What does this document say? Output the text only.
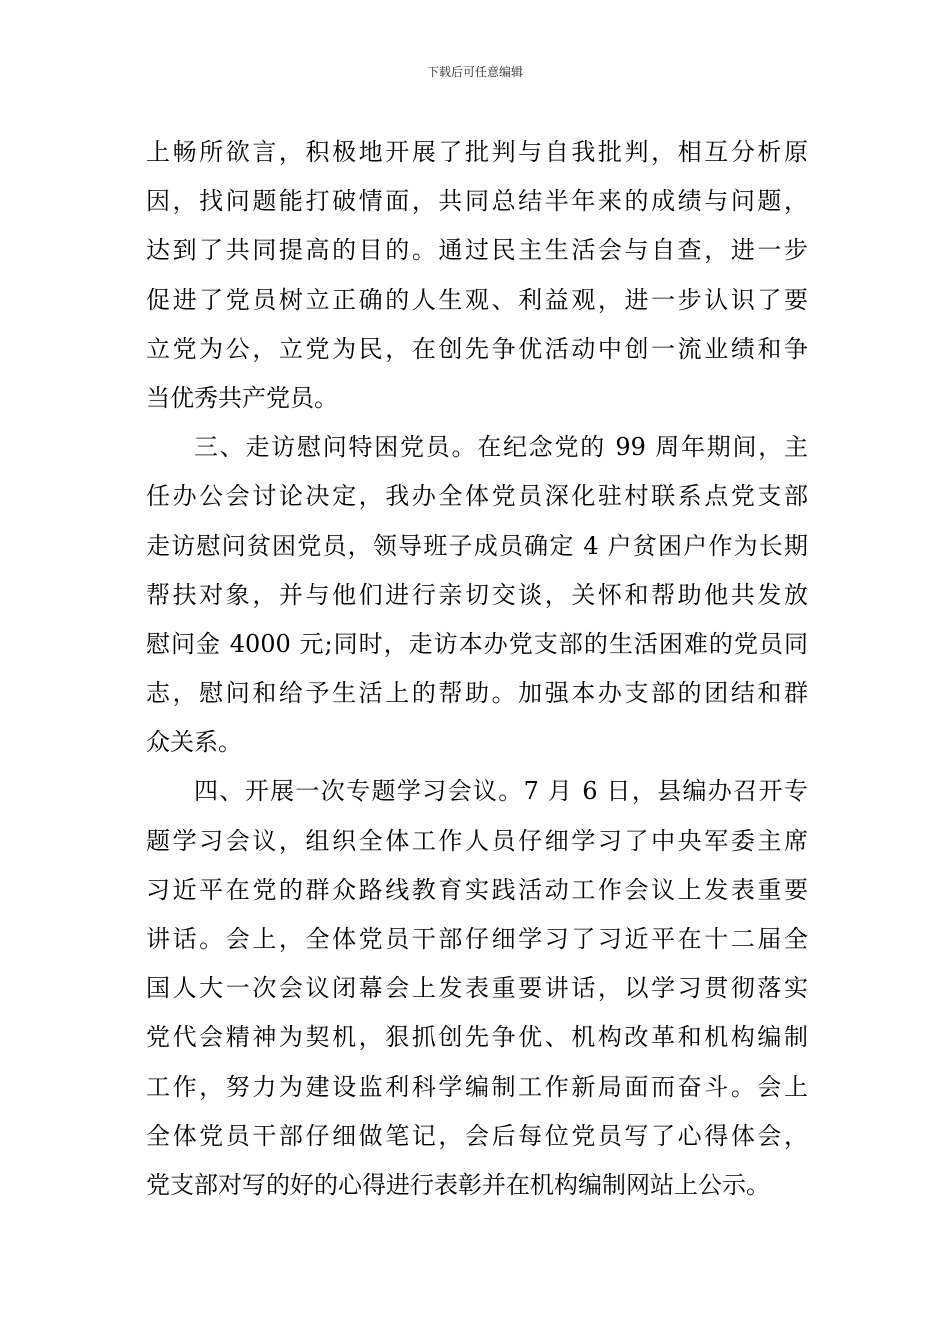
下载后可任意编辑
上畅所欲言，积极地开展了批判与自我批判，相互分析原
因，找问题能打破情面，共同总结半年来的成绩与问题，
达到了共同提高的目的。通过民主生活会与自查，进一步
促进了党员树立正确的人生观、利益观，进一步认识了要
立党为公，立党为民，在创先争优活动中创一流业绩和争
当优秀共产党员。
三、走访慰问特困党员。在纪念党的 99 周年期间，主
任办公会讨论决定，我办全体党员深化驻村联系点党支部
走访慰问贫困党员，领导班子成员确定 4 户贫困户作为长期
帮扶对象，并与他们进行亲切交谈，关怀和帮助他共发放
慰问金 4000 元;同时，走访本办党支部的生活困难的党员同
志，慰问和给予生活上的帮助。加强本办支部的团结和群
众关系。
四、开展一次专题学习会议。7 月 6 日，县编办召开专
题学习会议，组织全体工作人员仔细学习了中央军委主席
习近平在党的群众路线教育实践活动工作会议上发表重要
讲话。会上，全体党员干部仔细学习了习近平在十二届全
国人大一次会议闭幕会上发表重要讲话，以学习贯彻落实
党代会精神为契机，狠抓创先争优、机构改革和机构编制
工作，努力为建设监利科学编制工作新局面而奋斗。会上
全体党员干部仔细做笔记，会后每位党员写了心得体会，
党支部对写的好的心得进行表彰并在机构编制网站上公示。
